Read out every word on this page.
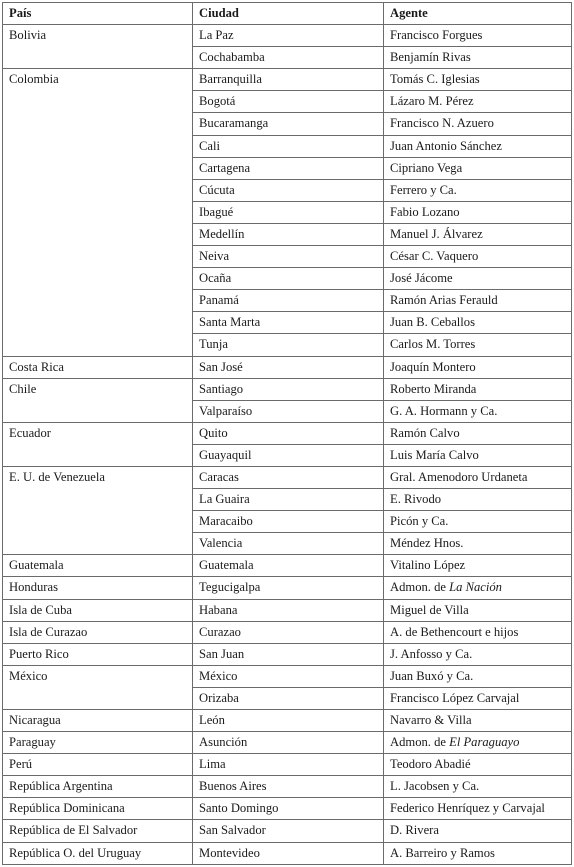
País	Ciudad	Agente
Bolivia	La Paz	Francisco Forgues
	Cochabamba	Benjamín Rivas
Colombia	Barranquilla	Tomás C. Iglesias
	Bogotá	Lázaro M. Pérez
	Bucaramanga	Francisco N. Azuero
	Cali	Juan Antonio Sánchez
	Cartagena	Cipriano Vega
	Cúcuta	Ferrero y Ca.
	Ibagué	Fabio Lozano
	Medellín	Manuel J. Álvarez
	Neiva	César C. Vaquero
	Ocaña	José Jácome
	Panamá	Ramón Arias Ferauld
	Santa Marta	Juan B. Ceballos
	Tunja	Carlos M. Torres
Costa Rica	San José	Joaquín Montero
Chile	Santiago	Roberto Miranda
	Valparaíso	G. A. Hormann y Ca.
Ecuador	Quito	Ramón Calvo
	Guayaquil	Luis María Calvo
E. U. de Venezuela	Caracas	Gral. Amenodoro Urdaneta
	La Guaira	E. Rivodo
	Maracaibo	Picón y Ca.
	Valencia	Méndez Hnos.
Guatemala	Guatemala	Vitalino López
Honduras	Tegucigalpa	Admon. de La Nación
Isla de Cuba	Habana	Miguel de Villa
Isla de Curazao	Curazao	A. de Bethencourt e hijos
Puerto Rico	San Juan	J. Anfosso y Ca.
México	México	Juan Buxó y Ca.
	Orizaba	Francisco López Carvajal
Nicaragua	León	Navarro & Villa
Paraguay	Asunción	Admon. de El Paraguayo
Perú	Lima	Teodoro Abadié
República Argentina	Buenos Aires	L. Jacobsen y Ca.
República Dominicana	Santo Domingo	Federico Henríquez y Carvajal
República de El Salvador	San Salvador	D. Rivera
República O. del Uruguay	Montevideo	A. Barreiro y Ramos
